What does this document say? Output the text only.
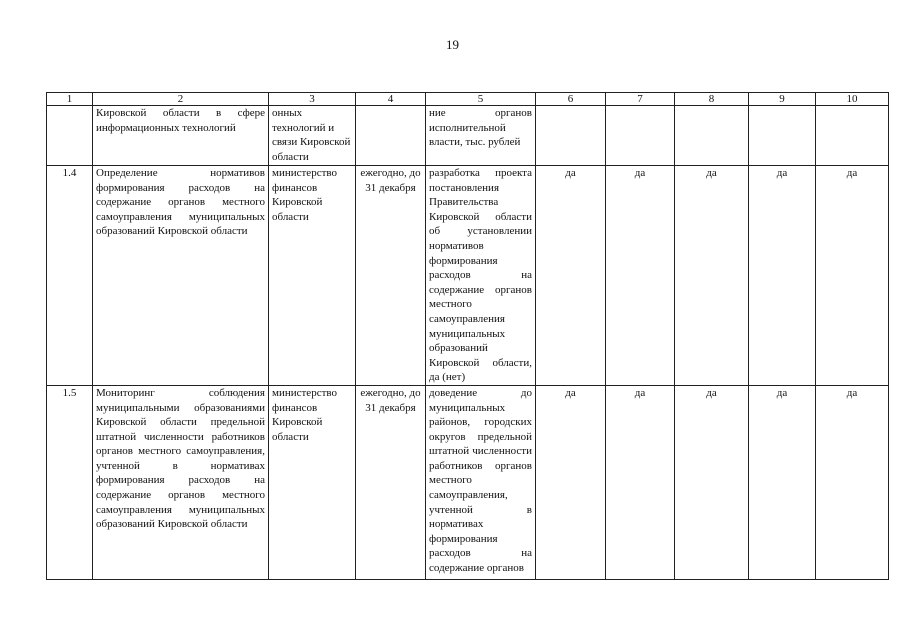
19
1	2	3	4	5	6	7	8	9	10
	Кировской области в сфере информационных технологий	онных технологий и связи Кировской области		ние органов исполнительной власти, тыс. рублей					
1.4	Определение нормативов формирования расходов на содержание органов местного самоуправления муниципальных образований Кировской области	министерство финансов Кировской области	ежегодно, до 31 декабря	разработка проекта постановления Правительства Кировской области об установлении нормативов формирования расходов на содержание органов местного самоуправления муниципальных образований Кировской области, да (нет)	да	да	да	да	да
1.5	Мониторинг соблюдения муниципальными образованиями Кировской области предельной штатной численности работников органов местного самоуправления, учтенной в нормативах формирования расходов на содержание органов местного самоуправления муниципальных образований Кировской области	министерство финансов Кировской области	ежегодно, до 31 декабря	доведение до муниципальных районов, городских округов предельной штатной численности работников органов местного самоуправления, учтенной в нормативах формирования расходов на содержание органов	да	да	да	да	да
